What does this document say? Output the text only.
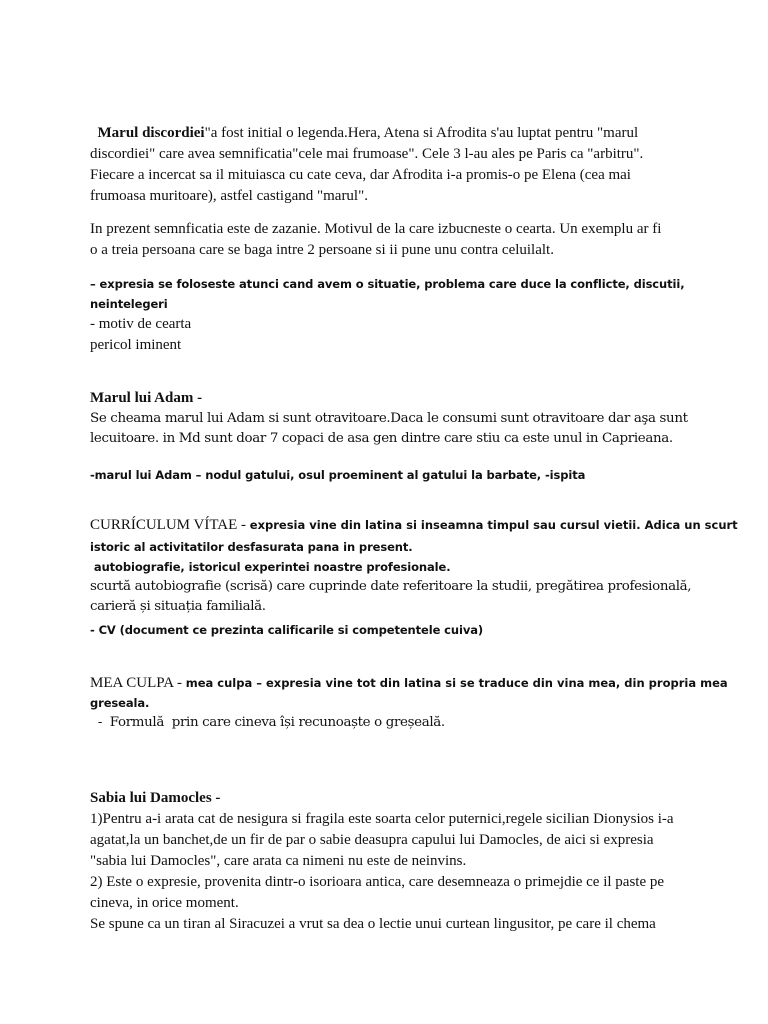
Marul discordiei"a fost initial o legenda.Hera, Atena si Afrodita s'au luptat pentru "marul
discordiei" care avea semnificatia"cele mai frumoase". Cele 3 l-au ales pe Paris ca "arbitru".
Fiecare a incercat sa il mituiasca cu cate ceva, dar Afrodita i-a promis-o pe Elena (cea mai
frumoasa muritoare), astfel castigand "marul".
In prezent semnficatia este de zazanie. Motivul de la care izbucneste o cearta. Un exemplu ar fi
o a treia persoana care se baga intre 2 persoane si ii pune unu contra celuilalt.
– expresia se foloseste atunci cand avem o situatie, problema care duce la conflicte, discutii,
neintelegeri
- motiv de cearta
pericol iminent
Marul lui Adam -
Se cheama marul lui Adam si sunt otravitoare.Daca le consumi sunt otravitoare dar aşa sunt
lecuitoare. in Md sunt doar 7 copaci de asa gen dintre care stiu ca este unul in Caprieana.
-marul lui Adam – nodul gatului, osul proeminent al gatului la barbate, -ispita
CURRÍCULUM VÍTAE - expresia vine din latina si inseamna timpul sau cursul vietii. Adica un scurt
istoric al activitatilor desfasurata pana in present.
autobiografie, istoricul experintei noastre profesionale.
scurtă autobiografie (scrisă) care cuprinde date referitoare la studii, pregătirea profesională,
carieră și situația familială.
- CV (document ce prezinta calificarile si competentele cuiva)
MEA CULPA - mea culpa – expresia vine tot din latina si se traduce din vina mea, din propria mea
greseala.
-  Formulă  prin care cineva își recunoaște o greșeală.
Sabia lui Damocles -
1)Pentru a-i arata cat de nesigura si fragila este soarta celor puternici,regele sicilian Dionysios i-a
agatat,la un banchet,de un fir de par o sabie deasupra capului lui Damocles, de aici si expresia
"sabia lui Damocles", care arata ca nimeni nu este de neinvins.
2) Este o expresie, provenita dintr-o isorioara antica, care desemneaza o primejdie ce il paste pe
cineva, in orice moment.
Se spune ca un tiran al Siracuzei a vrut sa dea o lectie unui curtean lingusitor, pe care il chema
